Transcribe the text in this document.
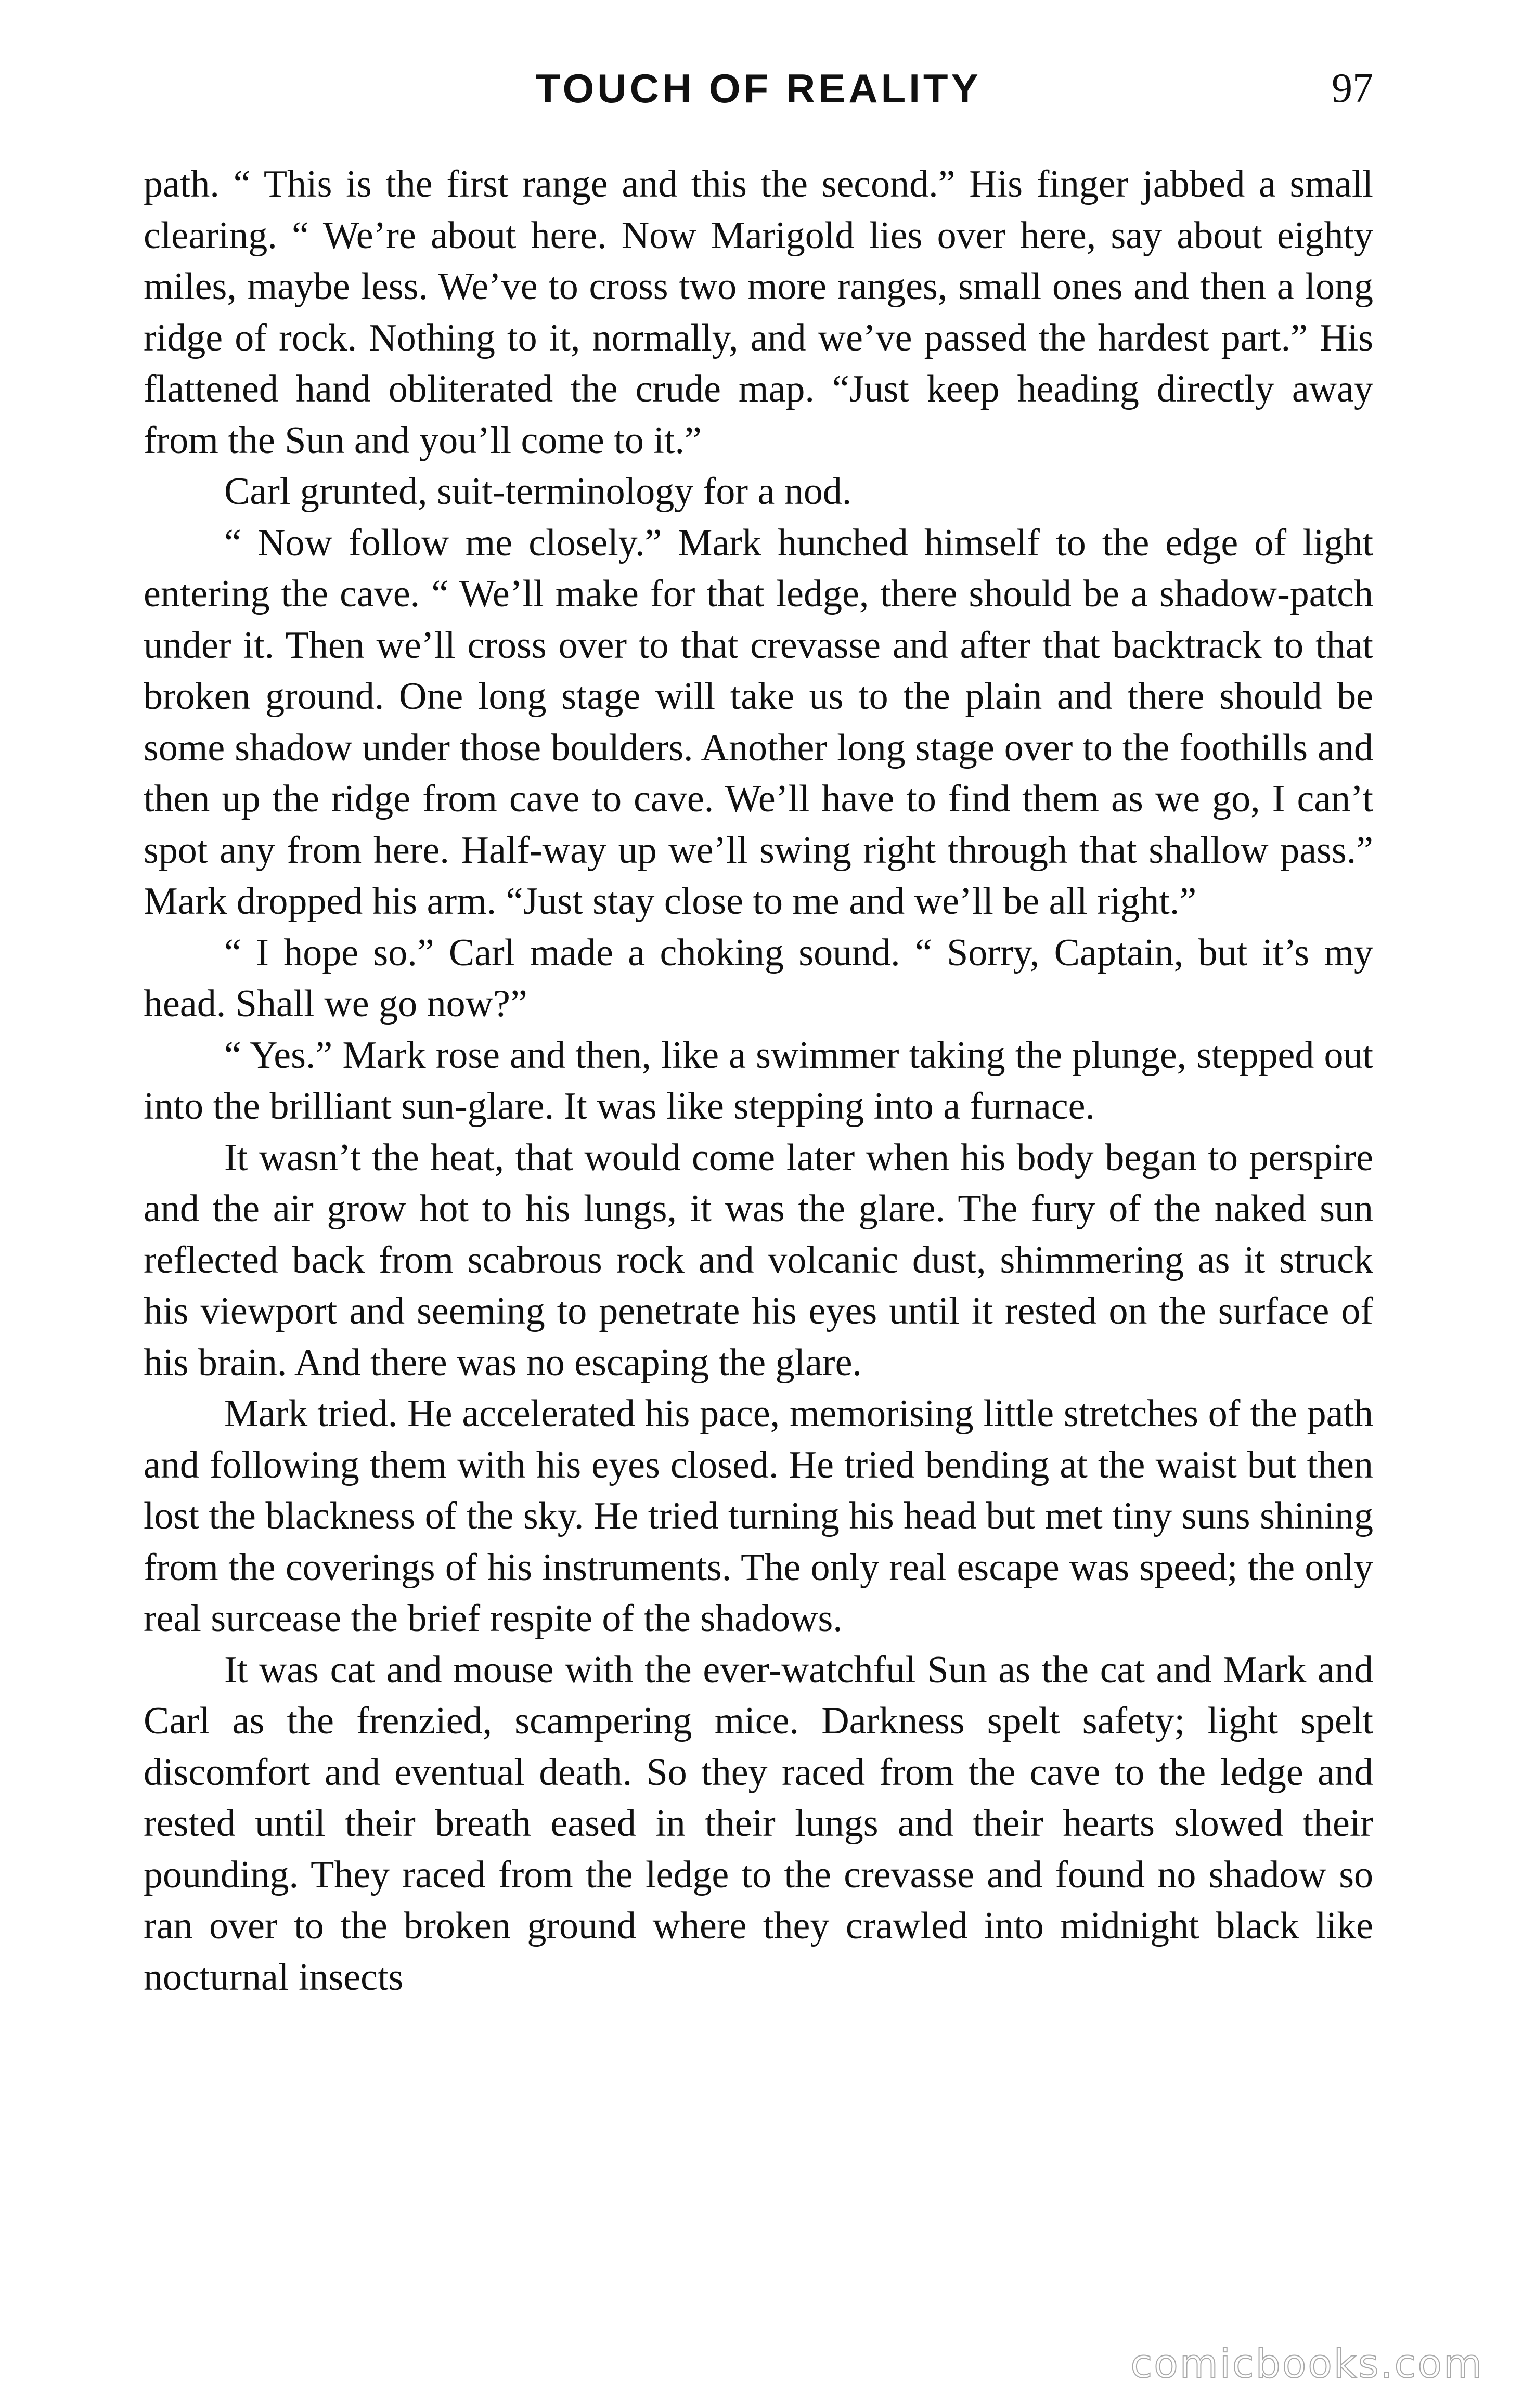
TOUCH OF REALITY	97

path. “ This is the first range and this the second.” His finger jabbed a small clearing. “ We’re about here. Now Marigold lies over here, say about eighty miles, maybe less. We’ve to cross two more ranges, small ones and then a long ridge of rock. Nothing to it, normally, and we’ve passed the hardest part.” His flattened hand obliterated the crude map. “Just keep heading directly away from the Sun and you’ll come to it.”

Carl grunted, suit-terminology for a nod.

“ Now follow me closely.” Mark hunched himself to the edge of light entering the cave. “ We’ll make for that ledge, there should be a shadow-patch under it. Then we’ll cross over to that crevasse and after that backtrack to that broken ground. One long stage will take us to the plain and there should be some shadow under those boulders. Another long stage over to the foothills and then up the ridge from cave to cave. We’ll have to find them as we go, I can’t spot any from here. Half-way up we’ll swing right through that shallow pass.” Mark dropped his arm. “Just stay close to me and we’ll be all right.”

“ I hope so.” Carl made a choking sound. “ Sorry, Captain, but it’s my head. Shall we go now?”

“ Yes.” Mark rose and then, like a swimmer taking the plunge, stepped out into the brilliant sun-glare. It was like stepping into a furnace.

It wasn’t the heat, that would come later when his body began to perspire and the air grow hot to his lungs, it was the glare. The fury of the naked sun reflected back from scabrous rock and volcanic dust, shimmering as it struck his viewport and seeming to penetrate his eyes until it rested on the surface of his brain. And there was no escaping the glare.

Mark tried. He accelerated his pace, memorising little stretches of the path and following them with his eyes closed. He tried bending at the waist but then lost the blackness of the sky. He tried turning his head but met tiny suns shining from the coverings of his instruments. The only real escape was speed; the only real surcease the brief respite of the shadows.

It was cat and mouse with the ever-watchful Sun as the cat and Mark and Carl as the frenzied, scampering mice. Darkness spelt safety; light spelt discomfort and eventual death. So they raced from the cave to the ledge and rested until their breath eased in their lungs and their hearts slowed their pounding. They raced from the ledge to the crevasse and found no shadow so ran over to the broken ground where they crawled into midnight black like nocturnal insects

comicbooks.com
